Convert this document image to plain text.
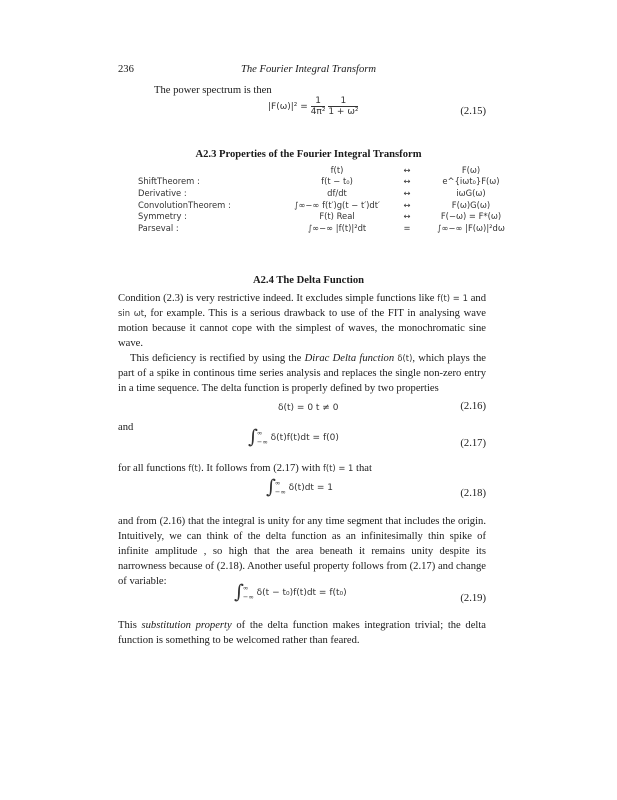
236	The Fourier Integral Transform
The power spectrum is then
$|F(\omega)|^2 = \frac{1}{\text{4π²}}$
$\frac{1}{\text{1 + ω²}}$	(2.15)
A2.3 Properties of the Fourier Integral Transform
	f(t)	↔	F(ω)
ShiftTheorem :	f(t − t₀)	↔	e^{iωt₀}F(ω)
Derivative :	df/dt	↔	iωG(ω)
ConvolutionTheorem :	∫∞−∞ f(t′)g(t − t′)dt′	↔	F(ω)G(ω)
Symmetry :	F(t) Real	↔	F(−ω) = F*(ω)
Parseval :	∫∞−∞ |f(t)|²dt	=	∫∞−∞ |F(ω)|²dω
A2.4 The Delta Function

Condition (2.3) is very restrictive indeed. It excludes simple functions like f(t) = 1 and sin ωt, for example. This is a serious drawback to use of the FIT in analysing wave motion because it cannot cope with the simplest of waves, the monochromatic sine wave.

This deficiency is rectified by using the Dirac Delta function δ(t), which plays the part of a spike in continous time series analysis and replaces the single non-zero entry in a time sequence. The delta function is properly defined by two properties

δ(t) = 0 t ≠ 0	(2.16)
and	∫ ∞
−∞ δ(t)f(t)dt = f(0)	(2.17)

for all functions f(t). It follows from (2.17) with f(t) = 1 that

∫ ∞
−∞ δ(t)dt = 1	(2.18)

and from (2.16) that the integral is unity for any time segment that includes the origin. Intuitively, we can think of the delta function as an infinitesimally thin spike of infinite amplitude , so high that the area beneath it remains unity despite its narrowness because of (2.18). Another useful property follows from (2.17) and change of variable:	∫ ∞
−∞ δ(t − t₀)f(t)dt = f(t₀)	(2.19)

This substitution property of the delta function makes integration trivial; the delta function is something to be welcomed rather than feared.
